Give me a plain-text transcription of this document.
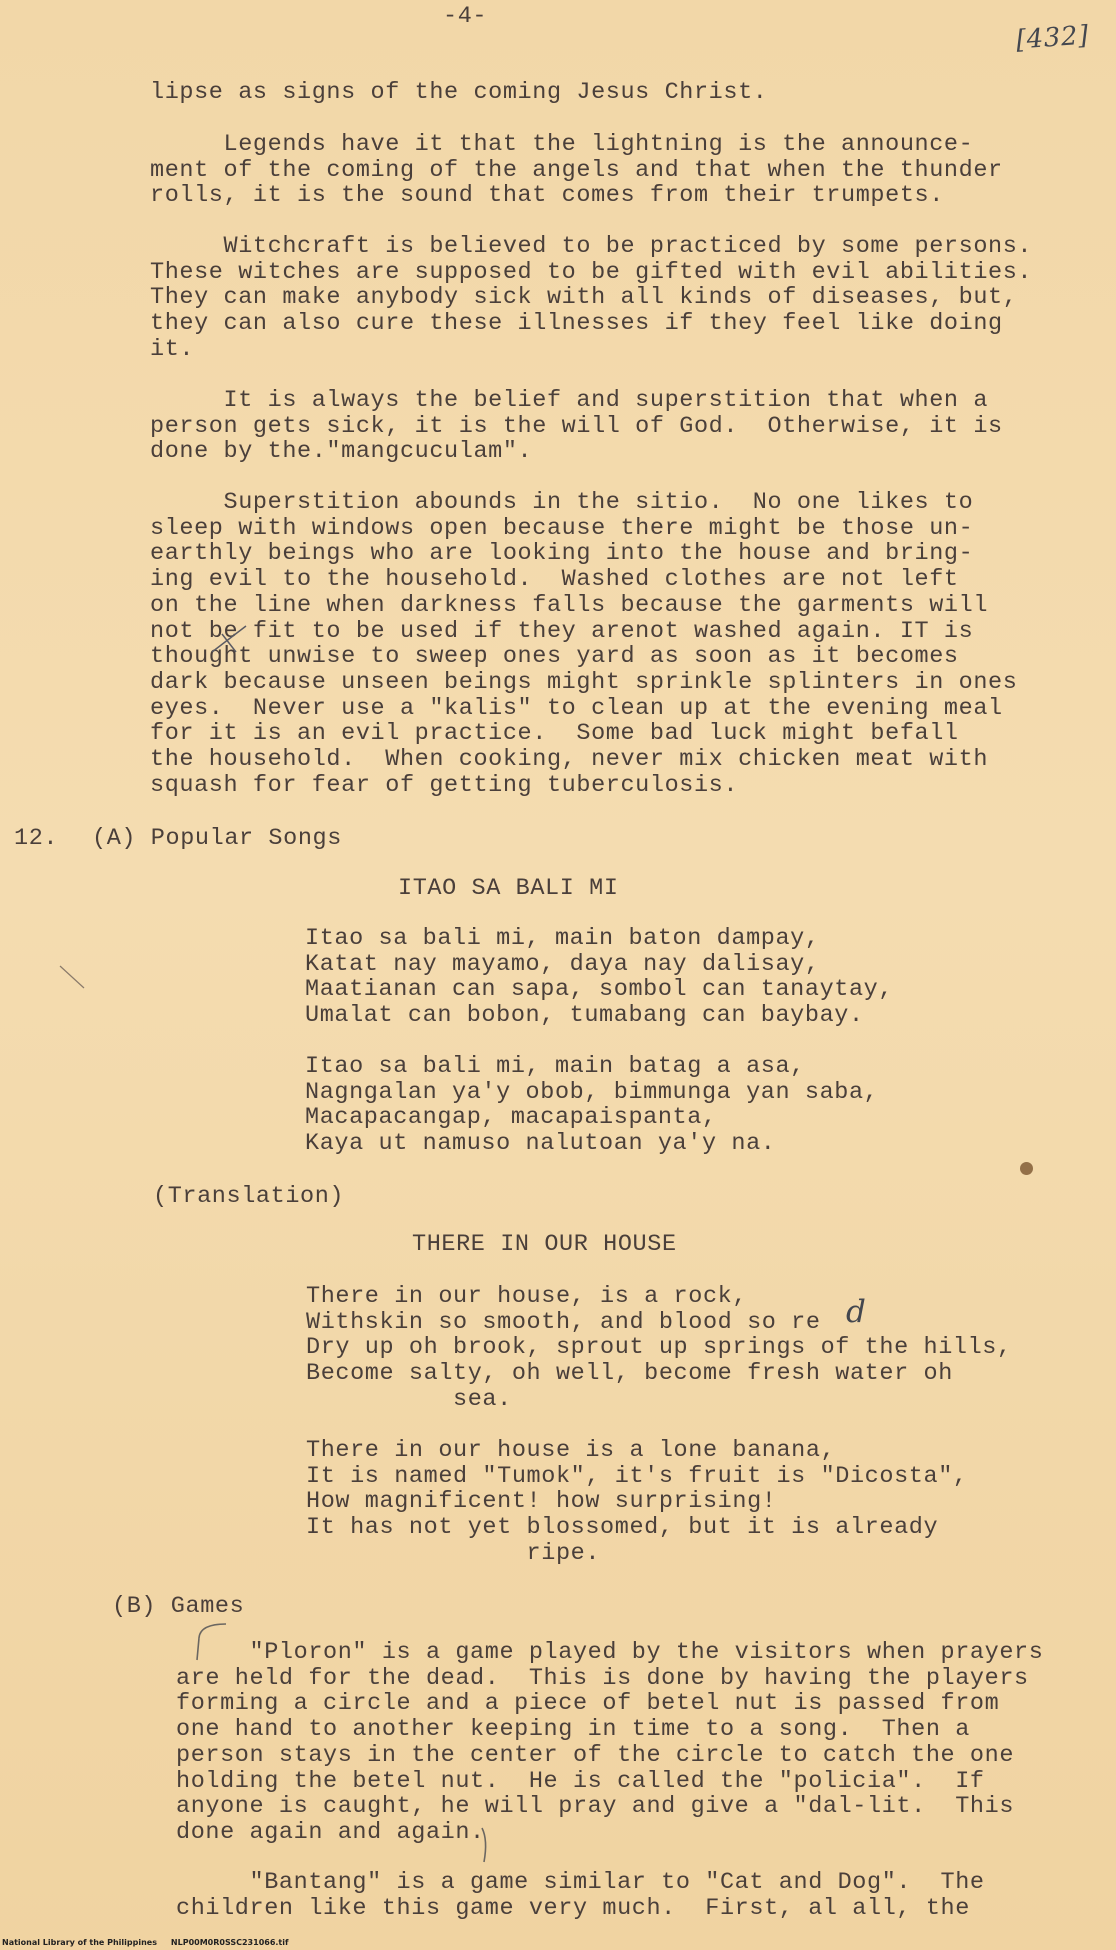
-4-
[432]
lipse as signs of the coming Jesus Christ.
Legends have it that the lightning is the announce-
ment of the coming of the angels and that when the thunder
rolls, it is the sound that comes from their trumpets.
Witchcraft is believed to be practiced by some persons.
These witches are supposed to be gifted with evil abilities.
They can make anybody sick with all kinds of diseases, but,
they can also cure these illnesses if they feel like doing
it.
It is always the belief and superstition that when a
person gets sick, it is the will of God.  Otherwise, it is
done by the."mangcuculam".
Superstition abounds in the sitio.  No one likes to
sleep with windows open because there might be those un-
earthly beings who are looking into the house and bring-
ing evil to the household.  Washed clothes are not left
on the line when darkness falls because the garments will
not be fit to be used if they arenot washed again. IT is
thought unwise to sweep ones yard as soon as it becomes
dark because unseen beings might sprinkle splinters in ones
eyes.  Never use a "kalis" to clean up at the evening meal
for it is an evil practice.  Some bad luck might befall
the household.  When cooking, never mix chicken meat with
squash for fear of getting tuberculosis.
12. (A) Popular Songs
ITAO SA BALI MI
Itao sa bali mi, main baton dampay,
Katat nay mayamo, daya nay dalisay,
Maatianan can sapa, sombol can tanaytay,
Umalat can bobon, tumabang can baybay.
Itao sa bali mi, main batag a asa,
Nagngalan ya'y obob, bimmunga yan saba,
Macapacangap, macapaispanta,
Kaya ut namuso nalutoan ya'y na.
(Translation)
THERE IN OUR HOUSE
There in our house, is a rock,
Withskin so smooth, and blood so re
Dry up oh brook, sprout up springs of the hills,
Become salty, oh well, become fresh water oh
sea.
d
There in our house is a lone banana,
It is named "Tumok", it's fruit is "Dicosta",
How magnificent! how surprising!
It has not yet blossomed, but it is already
ripe.
(B) Games
"Ploron" is a game played by the visitors when prayers
are held for the dead.  This is done by having the players
forming a circle and a piece of betel nut is passed from
one hand to another keeping in time to a song.  Then a
person stays in the center of the circle to catch the one
holding the betel nut.  He is called the "policia".  If
anyone is caught, he will pray and give a "dal-lit.  This
done again and again.
"Bantang" is a game similar to "Cat and Dog".  The
children like this game very much.  First, al all, the
National Library of the Philippines     NLP00M0R0SSC231066.tif
